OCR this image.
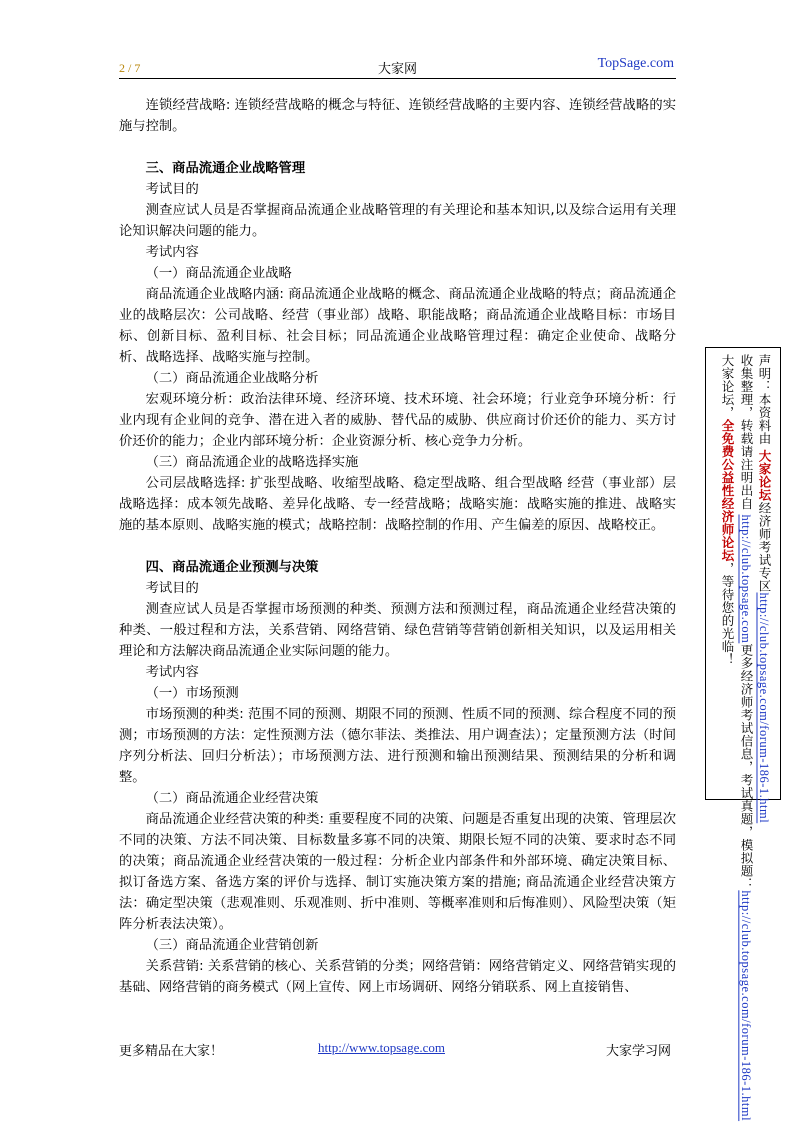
2 / 7	大家网	TopSage.com

连锁经营战略: 连锁经营战略的概念与特征、连锁经营战略的主要内容、连锁经营战略的实施与控制。

三、商品流通企业战略管理

考试目的

测查应试人员是否掌握商品流通企业战略管理的有关理论和基本知识,以及综合运用有关理论知识解决问题的能力。

考试内容

（一）商品流通企业战略

商品流通企业战略内涵: 商品流通企业战略的概念、商品流通企业战略的特点；商品流通企业的战略层次：公司战略、经营（事业部）战略、职能战略；商品流通企业战略目标：市场目标、创新目标、盈利目标、社会目标；同品流通企业战略管理过程：确定企业使命、战略分析、战略选择、战略实施与控制。

（二）商品流通企业战略分析

宏观环境分析：政治法律环境、经济环境、技术环境、社会环境；行业竞争环境分析：行业内现有企业间的竞争、潜在进入者的威胁、替代品的威胁、供应商讨价还价的能力、买方讨价还价的能力；企业内部环境分析：企业资源分析、核心竞争力分析。

（三）商品流通企业的战略选择实施

公司层战略选择: 扩张型战略、收缩型战略、稳定型战略、组合型战略 经营（事业部）层战略选择：成本领先战略、差异化战略、专一经营战略；战略实施：战略实施的推进、战略实施的基本原则、战略实施的模式；战略控制：战略控制的作用、产生偏差的原因、战略校正。

四、商品流通企业预测与决策

考试目的

测查应试人员是否掌握市场预测的种类、预测方法和预测过程，商品流通企业经营决策的种类、一般过程和方法，关系营销、网络营销、绿色营销等营销创新相关知识，以及运用相关理论和方法解决商品流通企业实际问题的能力。

考试内容

（一）市场预测

市场预测的种类: 范围不同的预测、期限不同的预测、性质不同的预测、综合程度不同的预测；市场预测的方法：定性预测方法（德尔菲法、类推法、用户调查法）；定量预测方法（时间序列分析法、回归分析法）；市场预测方法、进行预测和输出预测结果、预测结果的分析和调整。

（二）商品流通企业经营决策

商品流通企业经营决策的种类: 重要程度不同的决策、问题是否重复出现的决策、管理层次不同的决策、方法不同决策、目标数量多寡不同的决策、期限长短不同的决策、要求时态不同的决策；商品流通企业经营决策的一般过程：分析企业内部条件和外部环境、确定决策目标、拟订备选方案、备选方案的评价与选择、制订实施决策方案的措施; 商品流通企业经营决策方法：确定型决策（悲观准则、乐观准则、折中准则、等概率准则和后悔准则）、风险型决策（矩阵分析表法决策）。

（三）商品流通企业营销创新

关系营销: 关系营销的核心、关系营销的分类；网络营销：网络营销定义、网络营销实现的基础、网络营销的商务模式（网上宣传、网上市场调研、网络分销联系、网上直接销售、

声明：本资料由 大家论坛经济师考试专区http://club.topsage.com/forum-186-1.html
收集整理，转载请注明出自 http://club.topsage.com更多经济师考试信息，考试真题，模拟题：http://club.topsage.com/forum-186-1.html
大家论坛，全免费公益性经济师论坛，等待您的光临！
更多精品在大家！	http://www.topsage.com	大家学习网
